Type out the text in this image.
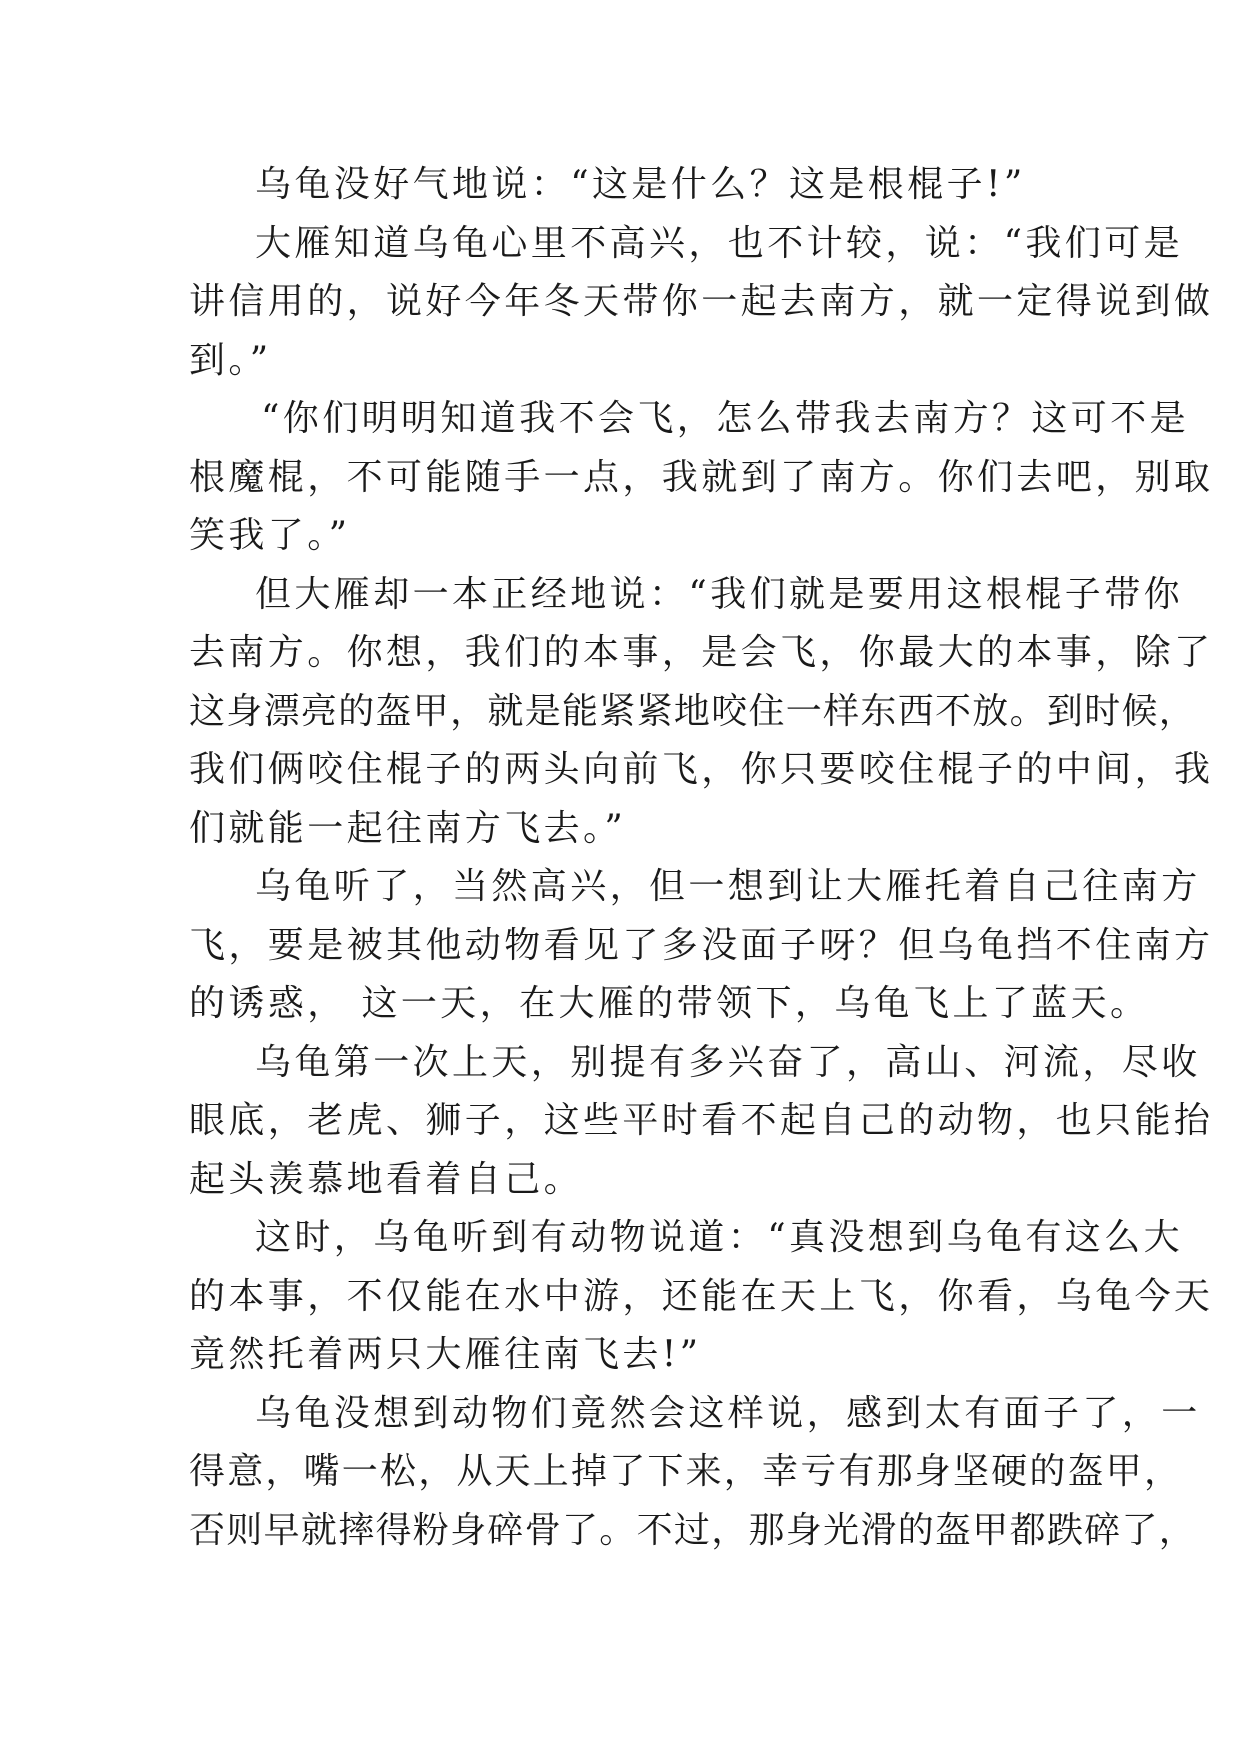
乌龟没好气地说：“这是什么？这是根棍子!”
大雁知道乌龟心里不高兴，也不计较，说：“我们可是
讲信用的，说好今年冬天带你一起去南方，就一定得说到做
到。”
“你们明明知道我不会飞，怎么带我去南方？这可不是
根魔棍，不可能随手一点，我就到了南方。你们去吧，别取
笑我了。”
但大雁却一本正经地说：“我们就是要用这根棍子带你
去南方。你想，我们的本事，是会飞，你最大的本事，除了
这身漂亮的盔甲，就是能紧紧地咬住一样东西不放。到时候，
我们俩咬住棍子的两头向前飞，你只要咬住棍子的中间，我
们就能一起往南方飞去。”
乌龟听了，当然高兴，但一想到让大雁托着自己往南方
飞，要是被其他动物看见了多没面子呀？但乌龟挡不住南方
的诱惑， 这一天，在大雁的带领下，乌龟飞上了蓝天。
乌龟第一次上天，别提有多兴奋了，高山、河流，尽收
眼底，老虎、狮子，这些平时看不起自己的动物，也只能抬
起头羡慕地看着自己。
这时，乌龟听到有动物说道：“真没想到乌龟有这么大
的本事，不仅能在水中游，还能在天上飞，你看，乌龟今天
竟然托着两只大雁往南飞去!”
乌龟没想到动物们竟然会这样说，感到太有面子了，一
得意，嘴一松，从天上掉了下来，幸亏有那身坚硬的盔甲，
否则早就摔得粉身碎骨了。不过，那身光滑的盔甲都跌碎了，
